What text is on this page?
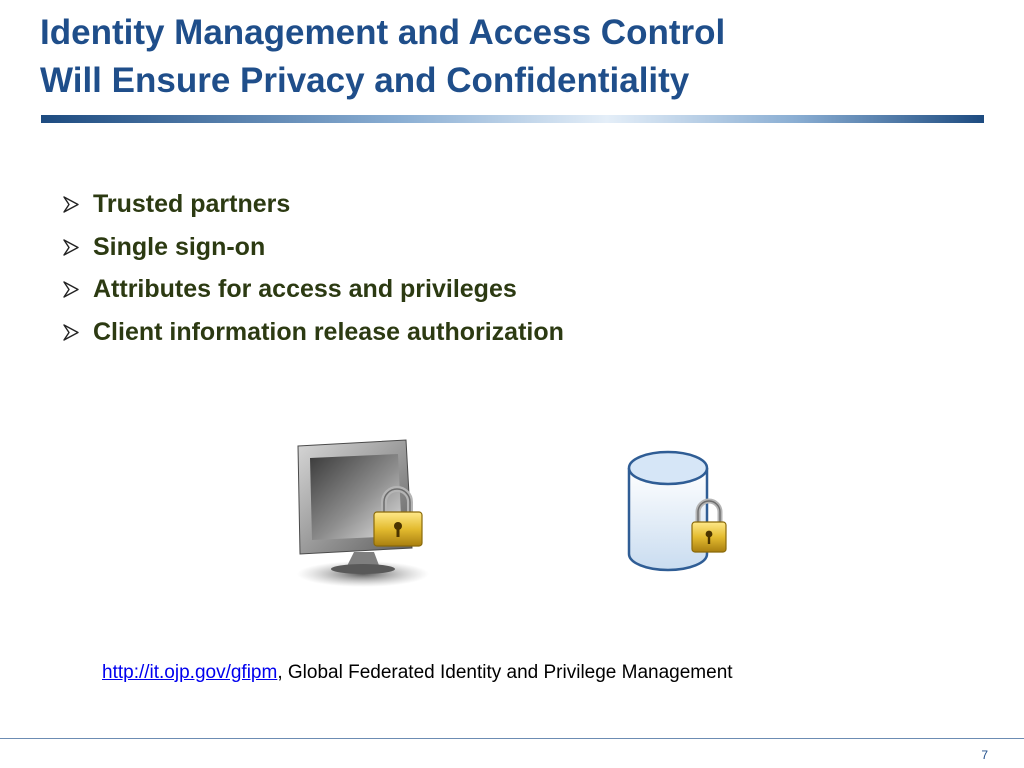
Identity Management and Access Control
Will Ensure Privacy and Confidentiality
Trusted partners
Single sign-on
Attributes for access and privileges
Client information release authorization
http://it.ojp.gov/gfipm, Global Federated Identity and Privilege Management
7
